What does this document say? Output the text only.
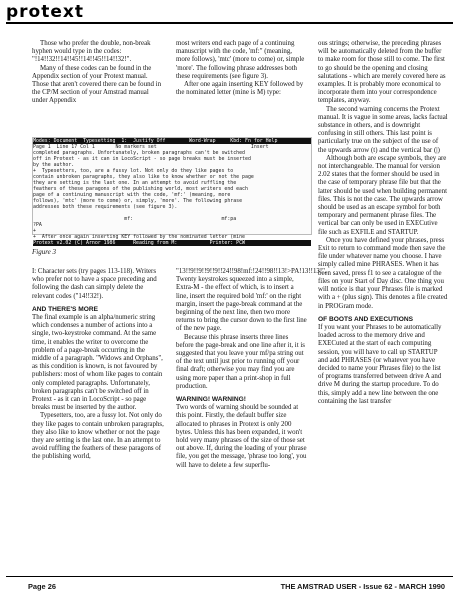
protext

Those who prefer the double, non-break hyphen would type in the codes:

"!14!!32!!14!!45!!14!!45!!14!!32!".

Many of these codes can be found in the Appendix section of your Protext manual. Those that aren't covered there can be found in the CP/M section of your Amstrad manual under Appendix

most writers end each page of a continuing manuscript with the code, 'mf:" (meaning, more follows), 'mtc' (more to come) or, simple 'more'. The following phrase addresses both these requirements (see figure 3).

After one again inserting KEY followed by the nominated letter (mine is M) type:

Modes: Document  Typesetting  1:  Justify Off        Word-Wrap     Kbd: Fn for Help
Page 1  Line 17 Col 1       No markers set                                Insert
completed paragraphs. Unfortunately, broken paragraphs can't be switched
off in Protext - as it can in LocoScript - so page breaks must be inserted
by the author.
+  Typesetters, too, are a fussy lot. Not only do they like pages to
contain unbroken paragraphs, they also like to know whether or not the page
they are setting is the last one. In an attempt to avoid ruffling the
feathers of these paragons of the publishing world, most writers end each
page of a continuing manuscript with the code, 'mf:' (meaning, more
follows), 'mtc' (more to come) or, simply, 'more'. The following phrase
addresses both these requirements (see figure 3).
mf:                              mf:pa
?PA
+
+  After once again inserting KEY followed by the nominated letter (mine
Protext v2.02 (C) Arnor 1986      Reading from M:           Printer: PCW
Figure 3

I: Character sets (try pages 113-118). Writers who prefer not to have a space preceding and following the dash can simply delete the relevant codes ("14!!32!).

AND THERE'S MORE

The final example is an alpha/numeric string which condenses a number of actions into a single, two-keystroke command. At the same time, it enables the writer to overcome the problem of a page-break occurring in the middle of a paragraph. "Widows and Orphans", as this condition is known, is not favoured by publishers: most of whom like pages to contain only completed paragraphs. Unfortunately, broken paragraphs can't be switched off in Protext - as it can in LocoScript - so page breaks must be inserted by the author.

Typesetters, too, are a fussy lot. Not only do they like pages to contain unbroken paragraphs, they also like to know whether or not the page they are setting is the last one. In an attempt to avoid ruffling the feathers of these paragons of the publishing world,

"13!!9!!9!!9!!9!!24!!98!mf:!24!!98!!13!>PA!13!!13!". Twenty keystrokes squeezed into a simple, Extra-M - the effect of which, is to insert a line, insert the required bold 'mf:' on the right margin, insert the page-break command at the beginning of the next line, then two more returns to bring the cursor down to the first line of the new page.

Because this phrase inserts three lines before the page-break and one line after it, it is suggested that you leave your mf/pa string out of the text until just prior to running off your final draft; otherwise you may find you are using more paper than a print-shop in full production.

WARNING! WARNING!

Two words of warning should be sounded at this point. Firstly, the default buffer size allocated to phrases in Protext is only 200 bytes. Unless this has been expanded, it won't hold very many phrases of the size of those set out above. If, during the loading of your phrase file, you get the message, 'phrase too long', you will have to delete a few superflu-

ous strings; otherwise, the preceding phrases will be automatically deleted from the buffer to make room for those still to come. The first to go should be the opening and closing salutations - which are merely covered here as examples. It is probably more economical to incorporate them into your correspondence templates, anyway.

The second warning concerns the Protext manual. It is vague in some areas, lacks factual substance in others, and is downright confusing in still others. This last point is particularly true on the subject of the use of the upwards arrow (t) and the vertical bar (|)

Although both are escape symbols, they are not interchangeable. The manual for version 2.02 states that the former should be used in the case of temporary phrase file but that the latter should be used when building permanent files. This is not the case. The upwards arrow should be used as an escape symbol for both temporary and permanent phrase files. The vertical bar can only be used in EXECutive file such as EXFILE and STARTUP.

Once you have defined your phrases, press Exit to return to command mode then save the file under whatever name you choose. I have simply called mine PHRASES. When it has been saved, press f1 to see a catalogue of the files on your Start of Day disc. One thing you will notice is that your Phrases file is marked with a + (plus sign). This denotes a file created in PROGram mode.

OF BOOTS AND EXECUTIONS

If you want your Phrases to be automatically loaded across to the memory drive and EXECuted at the start of each computing session, you will have to call up STARTUP and add PHRASES (or whatever you have decided to name your Phrases file) to the list of programs transferred between drive A and drive M during the startup procedure. To do this, simply add a new line between the one containing the last transfer

Page 26	THE AMSTRAD USER - Issue 62 - MARCH 1990
